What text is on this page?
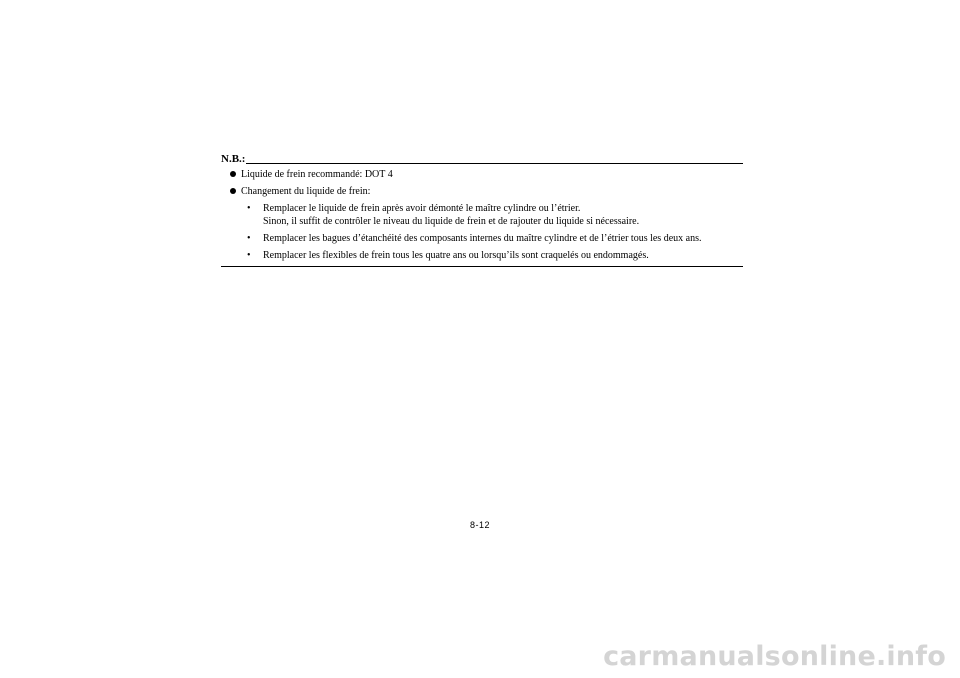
N.B.:
Liquide de frein recommandé: DOT 4
Changement du liquide de frein:
• Remplacer le liquide de frein après avoir démonté le maître cylindre ou l’étrier.
Sinon, il suffit de contrôler le niveau du liquide de frein et de rajouter du liquide si nécessaire.
• Remplacer les bagues d’étanchéité des composants internes du maître cylindre et de l’étrier tous les deux ans.
• Remplacer les flexibles de frein tous les quatre ans ou lorsqu’ils sont craquelés ou endommagés.
8-12
carmanualsonline.info
